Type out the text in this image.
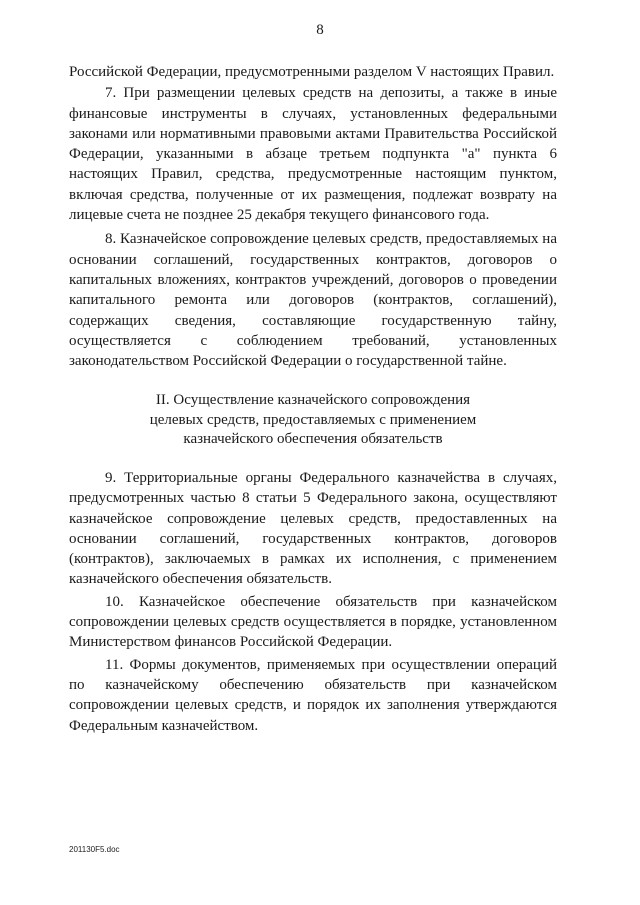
8

Российской Федерации, предусмотренными разделом V настоящих Правил.

7. При размещении целевых средств на депозиты, а также в иные финансовые инструменты в случаях, установленных федеральными законами или нормативными правовыми актами Правительства Российской Федерации, указанными в абзаце третьем подпункта "а" пункта 6 настоящих Правил, средства, предусмотренные настоящим пунктом, включая средства, полученные от их размещения, подлежат возврату на лицевые счета не позднее 25 декабря текущего финансового года.

8. Казначейское сопровождение целевых средств, предоставляемых на основании соглашений, государственных контрактов, договоров о капитальных вложениях, контрактов учреждений, договоров о проведении капитального ремонта или договоров (контрактов, соглашений), содержащих сведения, составляющие государственную тайну, осуществляется с соблюдением требований, установленных законодательством Российской Федерации о государственной тайне.

II. Осуществление казначейского сопровождения
целевых средств, предоставляемых с применением
казначейского обеспечения обязательств

9. Территориальные органы Федерального казначейства в случаях, предусмотренных частью 8 статьи 5 Федерального закона, осуществляют казначейское сопровождение целевых средств, предоставленных на основании соглашений, государственных контрактов, договоров (контрактов), заключаемых в рамках их исполнения, с применением казначейского обеспечения обязательств.

10. Казначейское обеспечение обязательств при казначейском сопровождении целевых средств осуществляется в порядке, установленном Министерством финансов Российской Федерации.

11. Формы документов, применяемых при осуществлении операций по казначейскому обеспечению обязательств при казначейском сопровождении целевых средств, и порядок их заполнения утверждаются Федеральным казначейством.

201130F5.doc
